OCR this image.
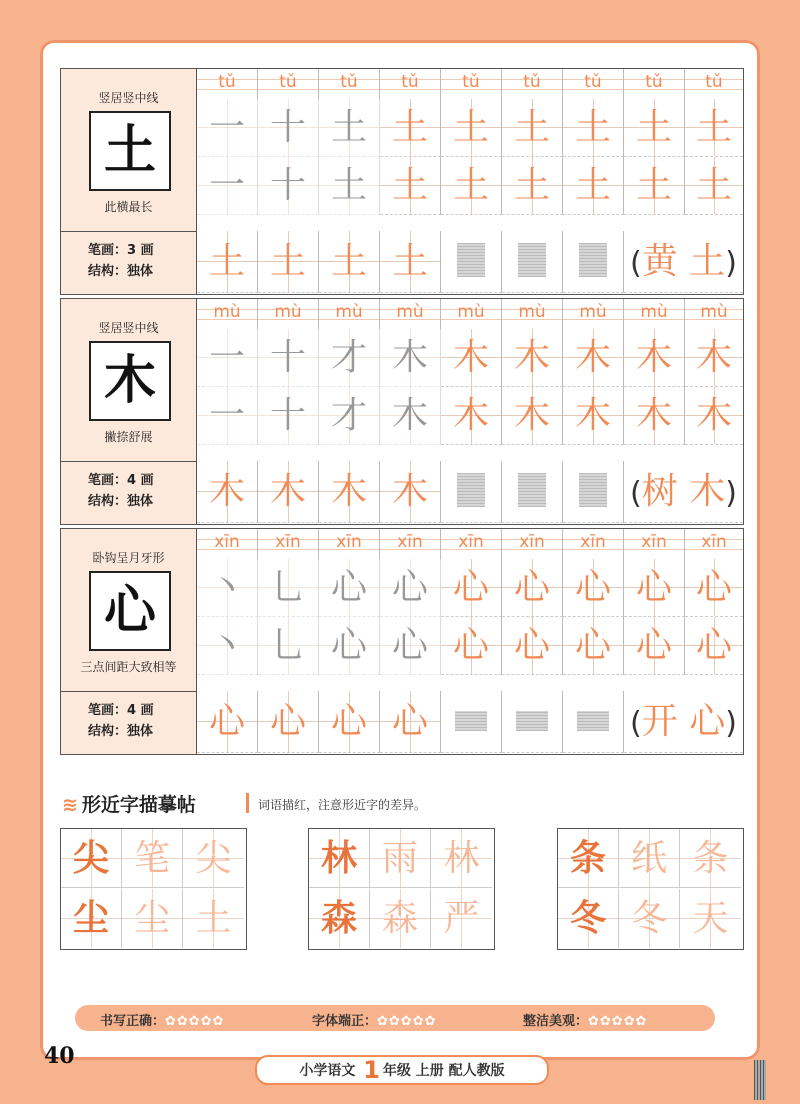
竖居竖中线
土
此横最长
笔画：3 画
结构：独体
tǔ	tǔ	tǔ	tǔ	tǔ	tǔ	tǔ	tǔ	tǔ
一 十 土 土 土 土 土 土 土
一 十 土 土 土 土 土 土 土
土 土 土 土	(黄 土)
竖居竖中线
木
撇捺舒展
笔画：4 画
结构：独体
mù	mù	mù	mù	mù	mù	mù	mù	mù
一 十 才 木 木 木 木 木 木
一 十 才 木 木 木 木 木 木
木 木 木 木	(树 木)
卧钩呈月牙形
心
三点间距大致相等
笔画：4 画
结构：独体
xīn	xīn	xīn	xīn	xīn	xīn	xīn	xīn	xīn
丶 乚 心 心 心 心 心 心 心
丶 乚 心 心 心 心 心 心 心
心 心 心 心	(开 心)
≋ 形近字描摹帖	词语描红，注意形近字的差异。
尖 笔 尖
尘 尘 土
林 雨 林
森 森 严
条 纸 条
冬 冬 天
书写正确：✿✿✿✿✿	字体端正：✿✿✿✿✿	整洁美观：✿✿✿✿✿
40
小学语文 1 年级 上册 配人教版
